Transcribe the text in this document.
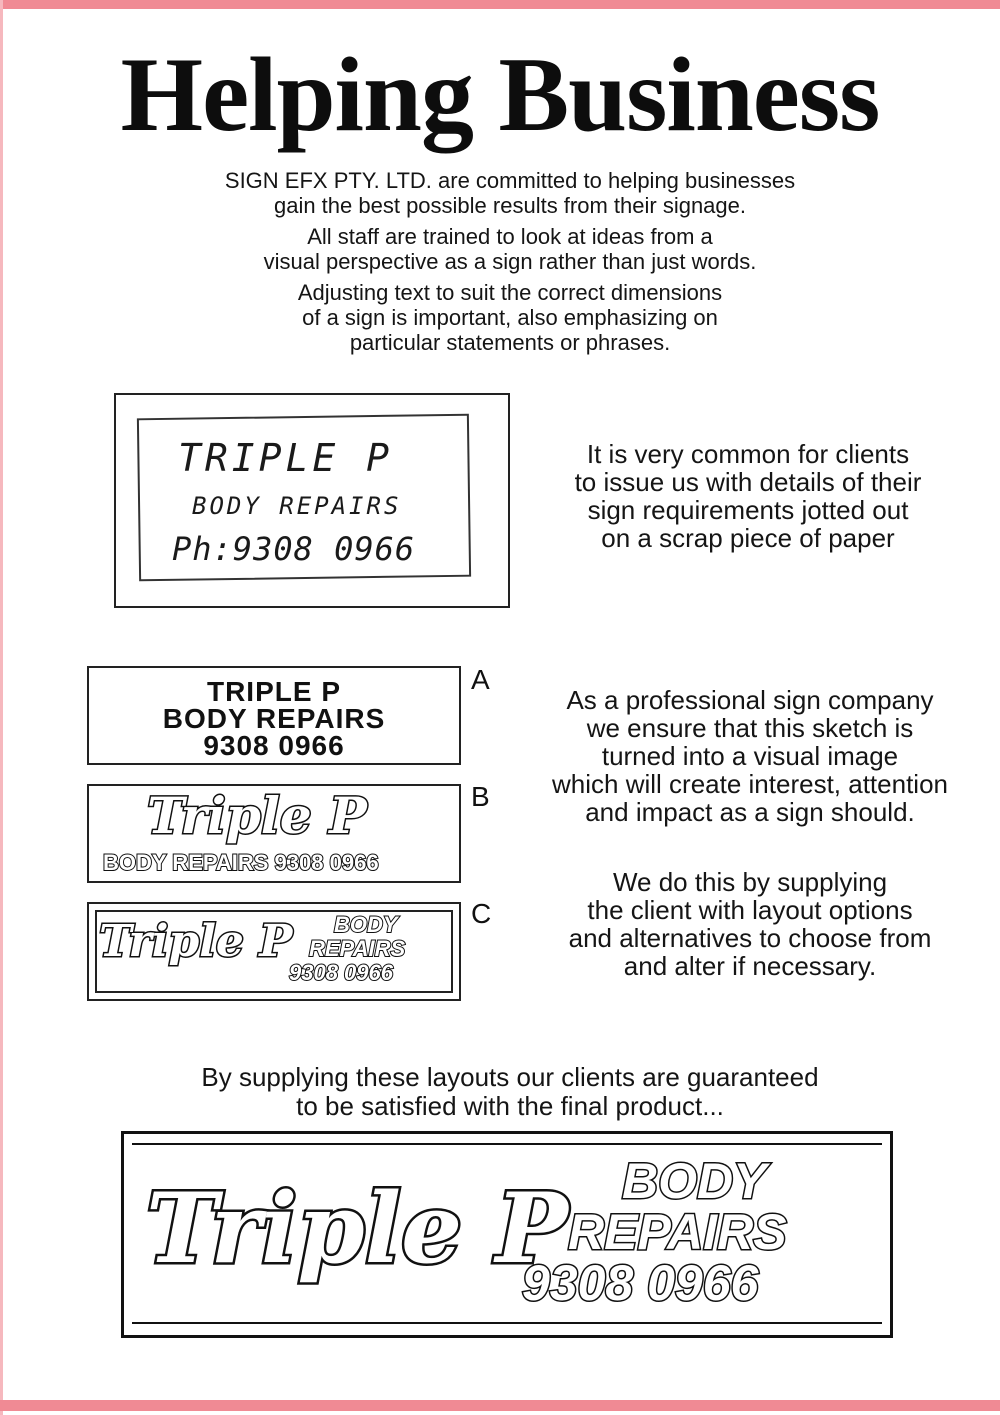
Helping Business
SIGN EFX PTY. LTD. are committed to helping businesses
gain the best possible results from their signage.
All staff are trained to look at ideas from a
visual perspective as a sign rather than just words.
Adjusting text to suit the correct dimensions
of a sign is important, also emphasizing on
particular statements or phrases.
TRIPLE P
BODY REPAIRS
Ph:9308 0966
It is very common for clients
to issue us with details of their
sign requirements jotted out
on a scrap piece of paper
TRIPLE P
BODY REPAIRS
9308 0966
A
Triple P
BODY REPAIRS 9308 0966
B
Triple P BODY
REPAIRS
9308 0966
C
As a professional sign company
we ensure that this sketch is
turned into a visual image
which will create interest, attention
and impact as a sign should.
We do this by supplying
the client with layout options
and alternatives to choose from
and alter if necessary.
By supplying these layouts our clients are guaranteed
to be satisfied with the final product...
Triple P BODY
REPAIRS
9308 0966
